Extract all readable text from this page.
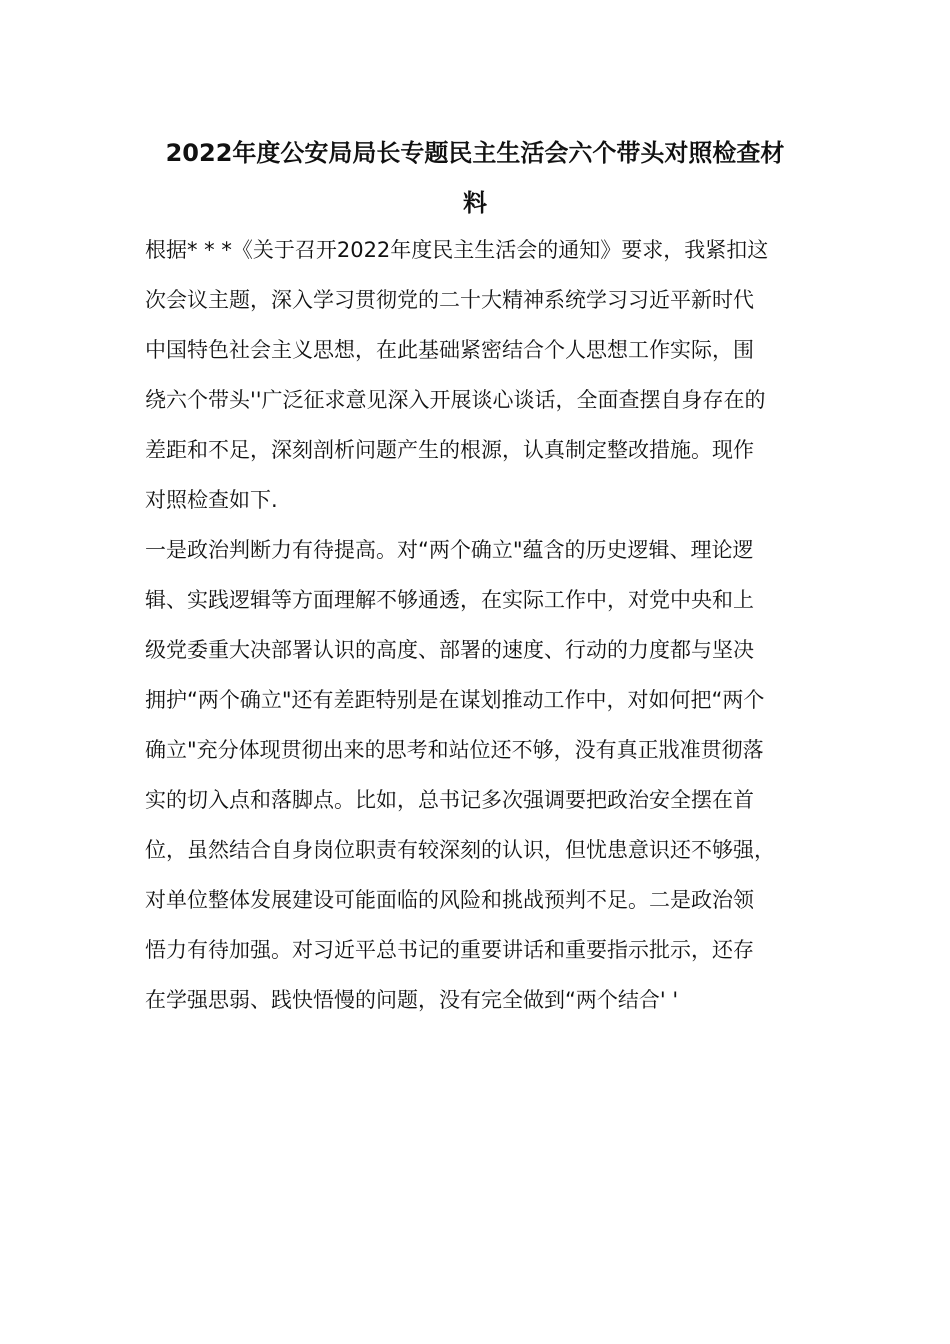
2022年度公安局局长专题民主生活会六个带头对照检查材
料
根据* * *《关于召开2022年度民主生活会的通知》要求，我紧扣这
次会议主题，深入学习贯彻党的二十大精神系统学习习近平新时代
中国特色社会主义思想，在此基础紧密结合个人思想工作实际，围
绕六个带头''广泛征求意见深入开展谈心谈话，全面查摆自身存在的
差距和不足，深刻剖析问题产生的根源，认真制定整改措施。现作
对照检查如下.
一是政治判断力有待提高。对“两个确立"蕴含的历史逻辑、理论逻
辑、实践逻辑等方面理解不够通透，在实际工作中，对党中央和上
级党委重大决部署认识的高度、部署的速度、行动的力度都与坚决
拥护“两个确立"还有差距特别是在谋划推动工作中，对如何把“两个
确立"充分体现贯彻出来的思考和站位还不够，没有真正戕准贯彻落
实的切入点和落脚点。比如，总书记多次强调要把政治安全摆在首
位，虽然结合自身岗位职责有较深刻的认识，但忧患意识还不够强，
对单位整体发展建设可能面临的风险和挑战预判不足。二是政治领
悟力有待加强。对习近平总书记的重要讲话和重要指示批示，还存
在学强思弱、践快悟慢的问题，没有完全做到“两个结合' '
